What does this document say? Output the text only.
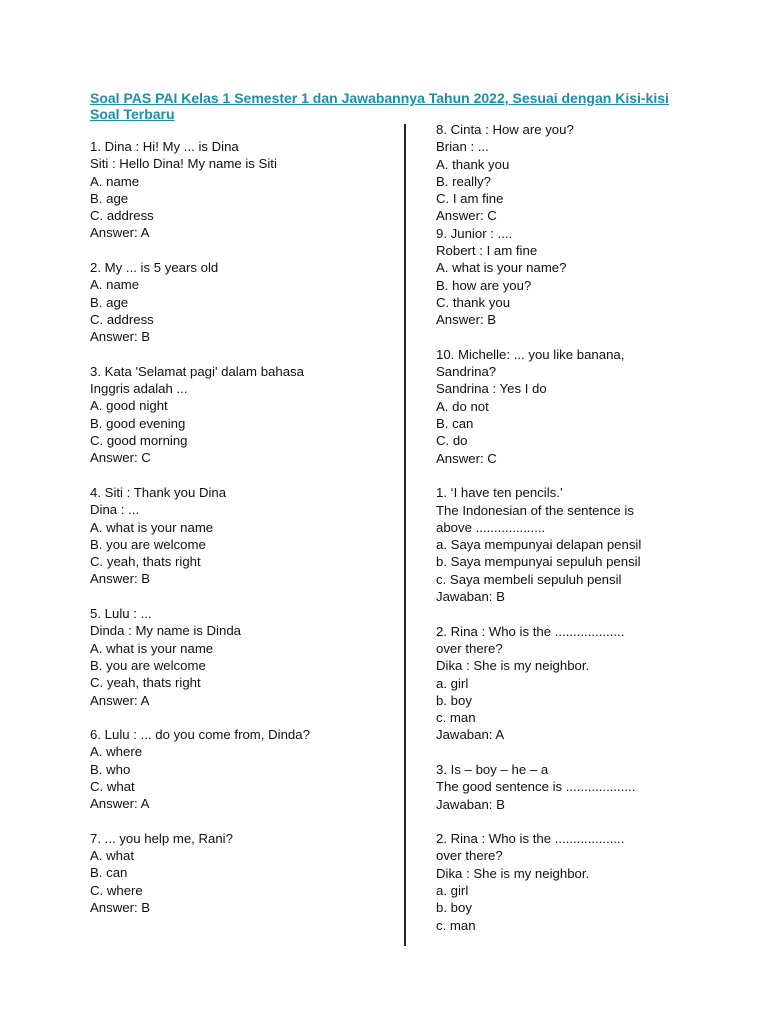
Soal PAS PAI Kelas 1 Semester 1 dan Jawabannya Tahun 2022, Sesuai dengan Kisi-kisi Soal Terbaru
1. Dina : Hi! My ... is Dina
Siti : Hello Dina! My name is Siti
A. name
B. age
C. address
Answer: A
2. My ... is 5 years old
A. name
B. age
C. address
Answer: B
3. Kata 'Selamat pagi' dalam bahasa
Inggris adalah ...
A. good night
B. good evening
C. good morning
Answer: C
4. Siti : Thank you Dina
Dina : ...
A. what is your name
B. you are welcome
C. yeah, thats right
Answer: B
5. Lulu : ...
Dinda : My name is Dinda
A. what is your name
B. you are welcome
C. yeah, thats right
Answer: A
6. Lulu : ... do you come from, Dinda?
A. where
B. who
C. what
Answer: A
7. ... you help me, Rani?
A. what
B. can
C. where
Answer: B
8. Cinta : How are you?
Brian : ...
A. thank you
B. really?
C. I am fine
Answer: C
9. Junior : ....
Robert : I am fine
A. what is your name?
B. how are you?
C. thank you
Answer: B
10. Michelle: ... you like banana,
Sandrina?
Sandrina : Yes I do
A. do not
B. can
C. do
Answer: C
1. ‘I have ten pencils.’
The Indonesian of the sentence is
above ...................
a. Saya mempunyai delapan pensil
b. Saya mempunyai sepuluh pensil
c. Saya membeli sepuluh pensil
Jawaban: B
2. Rina : Who is the ...................
over there?
Dika : She is my neighbor.
a. girl
b. boy
c. man
Jawaban: A
3. Is – boy – he – a
The good sentence is ...................
Jawaban: B
2. Rina : Who is the ...................
over there?
Dika : She is my neighbor.
a. girl
b. boy
c. man
